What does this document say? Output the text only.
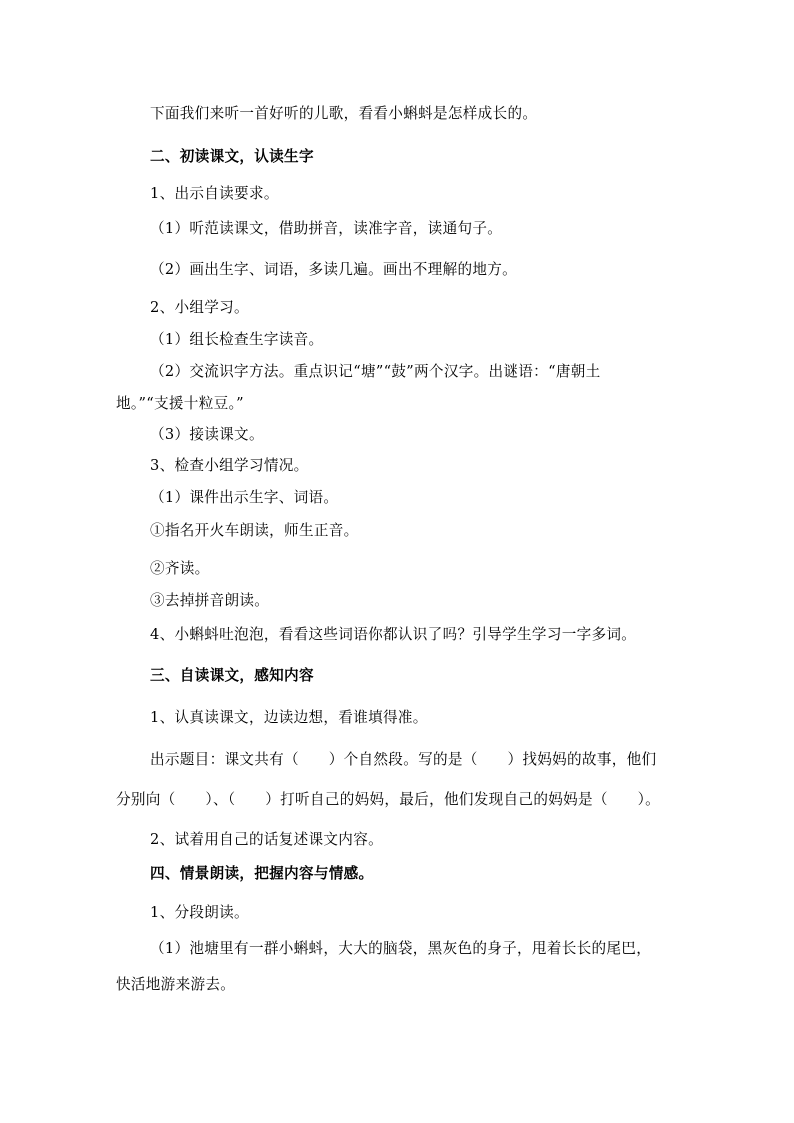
下面我们来听一首好听的儿歌，看看小蝌蚪是怎样成长的。
二、初读课文，认读生字
1、出示自读要求。
（1）听范读课文，借助拼音，读准字音，读通句子。
（2）画出生字、词语，多读几遍。画出不理解的地方。
2、小组学习。
（1）组长检查生字读音。
（2）交流识字方法。重点识记“塘”“鼓”两个汉字。出谜语：“唐朝土
地。”“支援十粒豆。”
（3）接读课文。
3、检查小组学习情况。
（1）课件出示生字、词语。
①指名开火车朗读，师生正音。
②齐读。
③去掉拼音朗读。
4、小蝌蚪吐泡泡，看看这些词语你都认识了吗？引导学生学习一字多词。
三、自读课文，感知内容
1、认真读课文，边读边想，看谁填得准。
出示题目：课文共有（　　）个自然段。写的是（　　）找妈妈的故事，他们
分别向（　　）、（　　）打听自己的妈妈，最后，他们发现自己的妈妈是（　　）。
2、试着用自己的话复述课文内容。
四、情景朗读，把握内容与情感。
1、分段朗读。
（1）池塘里有一群小蝌蚪，大大的脑袋，黑灰色的身子，甩着长长的尾巴，
快活地游来游去。
